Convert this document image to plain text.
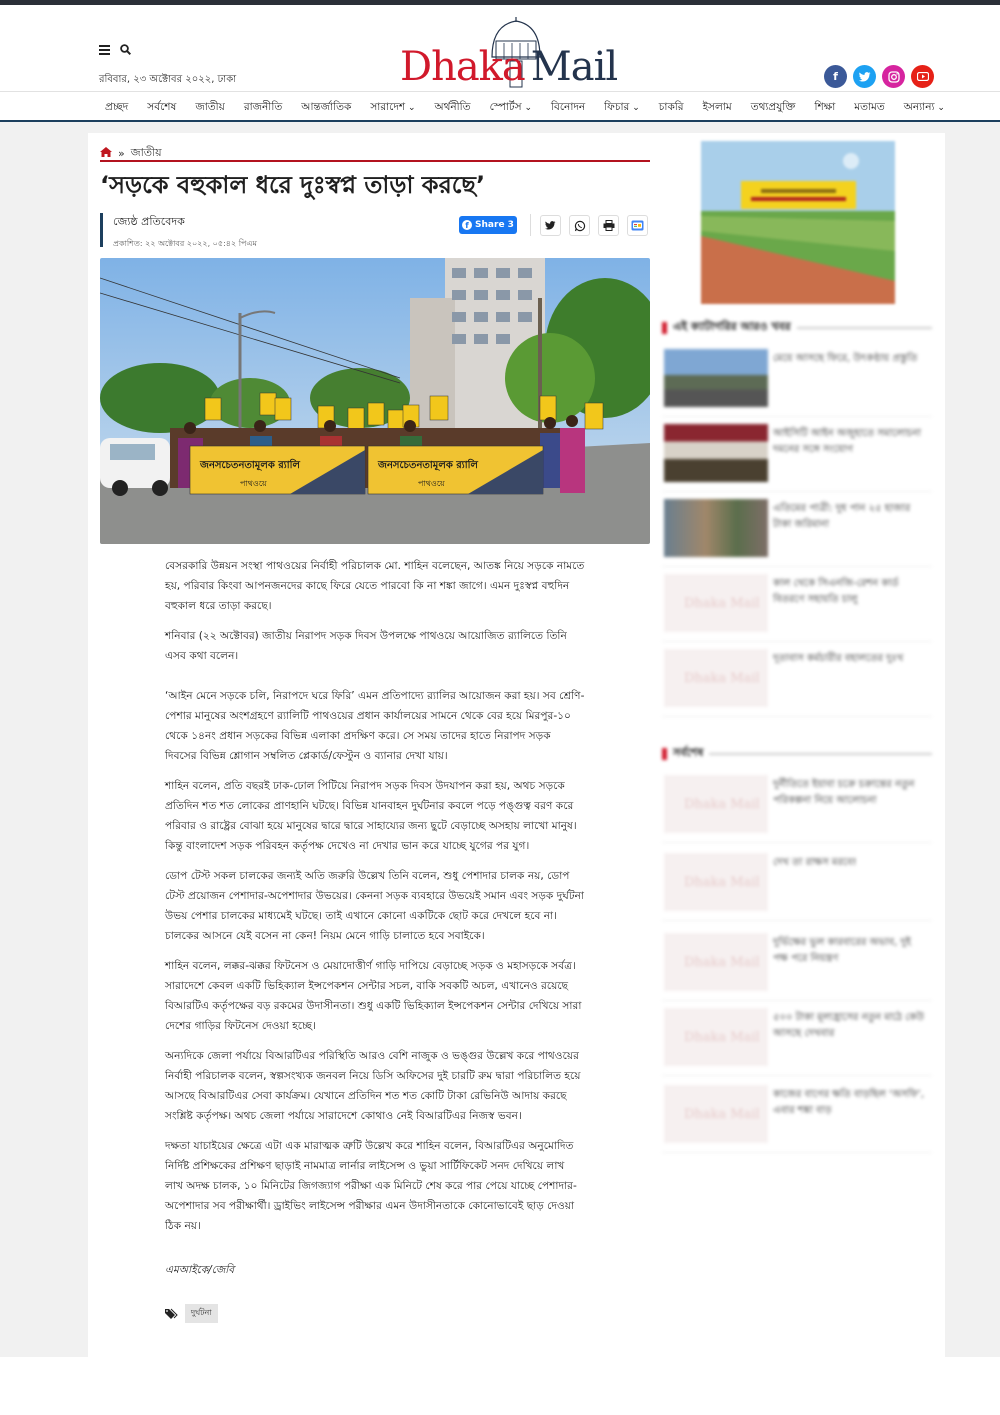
রবিবার, ২৩ অক্টোবর ২০২২, ঢাকা	Dhaka Mail	f
প্রচ্ছদ সর্বশেষ জাতীয় রাজনীতি আন্তর্জাতিক সারাদেশ ⌄	অর্থনীতি স্পোর্টস ⌄	বিনোদন ফিচার ⌄	চাকরি ইসলাম তথ্যপ্রযুক্তি শিক্ষা মতামত অন্যান্য ⌄
» জাতীয়
‘সড়কে বহুকাল ধরে দুঃস্বপ্ন তাড়া করছে’
জ্যেষ্ঠ প্রতিবেদক
প্রকাশিত: ২২ অক্টোবর ২০২২, ০৫:৪২ পিএম
f Share 3
জনসচেতনতামূলক র‌্যালি	জনসচেতনতামূলক র‌্যালি
পাথওয়ে	পাথওয়ে

বেসরকারি উন্নয়ন সংস্থা পাথওয়ের নির্বাহী পরিচালক মো. শাহিন বলেছেন, আতঙ্ক নিয়ে সড়কে নামতে হয়, পরিবার কিংবা আপনজনদের কাছে ফিরে যেতে পারবো কি না শঙ্কা জাগে। এমন দুঃস্বপ্ন বহুদিন বহুকাল ধরে তাড়া করছে।

শনিবার (২২ অক্টোবর) জাতীয় নিরাপদ সড়ক দিবস উপলক্ষে পাথওয়ে আয়োজিত র‌্যালিতে তিনি এসব কথা বলেন।

‘আইন মেনে সড়কে চলি, নিরাপদে ঘরে ফিরি’ এমন প্রতিপাদ্যে র‌্যালির আয়োজন করা হয়। সব শ্রেণি-পেশার মানুষের অংশগ্রহণে র‌্যালিটি পাথওয়ের প্রধান কার্যালয়ের সামনে থেকে বের হয়ে মিরপুর-১০ থেকে ১৪নং প্রধান সড়কের বিভিন্ন এলাকা প্রদক্ষিণ করে। সে সময় তাদের হাতে নিরাপদ সড়ক দিবসের বিভিন্ন শ্লোগান সম্বলিত প্লেকার্ড/ফেস্টুন ও ব্যানার দেখা যায়।

শাহিন বলেন, প্রতি বছরই ঢাক-ঢোল পিটিয়ে নিরাপদ সড়ক দিবস উদযাপন করা হয়, অথচ সড়কে প্রতিদিন শত শত লোকের প্রাণহানি ঘটছে। বিভিন্ন যানবাহন দুর্ঘটনার কবলে পড়ে পঙ্গুত্ব বরণ করে পরিবার ও রাষ্ট্রের বোঝা হয়ে মানুষের দ্বারে দ্বারে সাহায্যের জন্য ছুটে বেড়াচ্ছে অসহায় লাখো মানুষ। কিন্তু বাংলাদেশ সড়ক পরিবহন কর্তৃপক্ষ দেখেও না দেখার ভান করে যাচ্ছে যুগের পর যুগ।

ডোপ টেস্ট সকল চালকের জন্যই অতি জরুরি উল্লেখ তিনি বলেন, শুধু পেশাদার চালক নয়, ডোপ টেস্ট প্রয়োজন পেশাদার-অপেশাদার উভয়ের। কেননা সড়ক ব্যবহারে উভয়েই সমান এবং সড়ক দুর্ঘটনা উভয় পেশার চালকের মাধ্যমেই ঘটছে। তাই এখানে কোনো একটিকে ছোট করে দেখলে হবে না। চালকের আসনে যেই বসেন না কেন! নিয়ম মেনে গাড়ি চালাতে হবে সবাইকে।

শাহিন বলেন, লক্কর-ঝক্কর ফিটনেস ও মেয়াদোত্তীর্ণ গাড়ি দাপিয়ে বেড়াচ্ছে সড়ক ও মহাসড়কে সর্বত্র। সারাদেশে কেবল একটি ভিহিক্যাল ইন্সপেকশন সেন্টার সচল, বাকি সবকটি অচল, এখানেও রয়েছে বিআরটিএ কর্তৃপক্ষের বড় রকমের উদাসীনতা। শুধু একটি ভিহিক্যাল ইন্সপেকশন সেন্টার দেখিয়ে সারা দেশের গাড়ির ফিটনেস দেওয়া হচ্ছে।

অন্যদিকে জেলা পর্যায়ে বিআরটিএর পরিস্থিতি আরও বেশি নাজুক ও ভঙ্গুর উল্লেখ করে পাথওয়ের নির্বাহী পরিচালক বলেন, স্বল্পসংখ্যক জনবল নিয়ে ডিসি অফিসের দুই চারটি রুম দ্বারা পরিচালিত হয়ে আসছে বিআরটিএর সেবা কার্যক্রম। যেখানে প্রতিদিন শত শত কোটি টাকা রেভিনিউ আদায় করছে সংশ্লিষ্ট কর্তৃপক্ষ। অথচ জেলা পর্যায়ে সারাদেশে কোথাও নেই বিআরটিএর নিজস্ব ভবন।

দক্ষতা যাচাইয়ের ক্ষেত্রে এটা এক মারাত্মক ত্রুটি উল্লেখ করে শাহিন বলেন, বিআরটিএর অনুমোদিত নির্দিষ্ট প্রশিক্ষকের প্রশিক্ষণ ছাড়াই নামমাত্র লার্নার লাইসেন্স ও ভুয়া সার্টিফিকেট সনদ দেখিয়ে লাখ লাখ অদক্ষ চালক, ১০ মিনিটের জিগজ্যাগ পরীক্ষা এক মিনিটে শেষ করে পার পেয়ে যাচ্ছে পেশাদার-অপেশাদার সব পরীক্ষার্থী। ড্রাইভিং লাইসেন্স পরীক্ষার এমন উদাসীনতাকে কোনোভাবেই ছাড় দেওয়া ঠিক নয়।

এমআইকে/জেবি
দুর্ঘটনা
এই ক্যাটাগরির আরও খবর
মেয়ে আসছে ফিরে, উৎকণ্ঠায় প্রস্তুতি
আইসিটি আইন অজুহাতে সমালোচনা দমনের সঙ্গে সংযোগ
এতিমের পাত্রী: দুধ পান ২৫ হাজার টাকা জরিমানা
Dhaka Mail
কাল থেকে সিএনজি-রেশন কার্ড বিতরণে সহায়তি চালু
Dhaka Mail
দূতাবাস কর্মচারীর বহালতের দুঃখ
সর্বশেষ
Dhaka Mail
দুর্নীতিতে ইয়াবা চক্রে চক্রান্তের নতুন পরিকল্পনা নিয়ে আলোচনা
Dhaka Mail
দেখ তা রাক্ষস মরবে!
Dhaka Mail
দুর্ভিক্ষের ভুল কারবারের অভাব, দুই পক্ষ পরে নিয়ন্ত্রণ
Dhaka Mail
৫০০ টাকা মূল্যহ্রাসের নতুন মাঠে কেউ আসছে দেখবার
Dhaka Mail
কাজের বাগের ক্ষতি বাড়ছিল ‘অসফি’, এবার শঙ্কা বাড়
